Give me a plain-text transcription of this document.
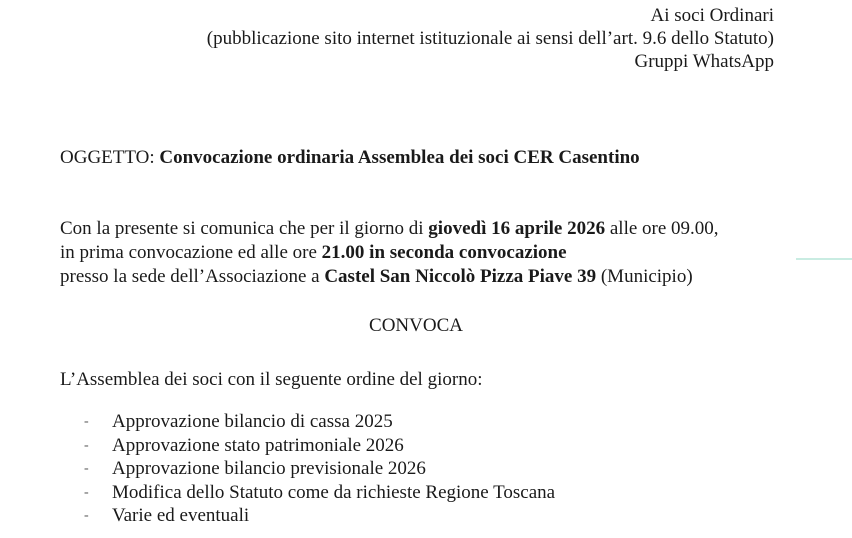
Ai soci Ordinari
(pubblicazione sito internet istituzionale ai sensi dell’art. 9.6 dello Statuto)
Gruppi WhatsApp
OGGETTO: Convocazione ordinaria Assemblea dei soci CER Casentino
Con la presente si comunica che per il giorno di giovedì 16 aprile 2026 alle ore 09.00,
in prima convocazione ed alle ore 21.00 in seconda convocazione
presso la sede dell’Associazione a Castel San Niccolò Pizza Piave 39 (Municipio)
CONVOCA
L’Assemblea dei soci con il seguente ordine del giorno:
- Approvazione bilancio di cassa 2025
- Approvazione stato patrimoniale 2026
- Approvazione bilancio previsionale 2026
- Modifica dello Statuto come da richieste Regione Toscana
- Varie ed eventuali
